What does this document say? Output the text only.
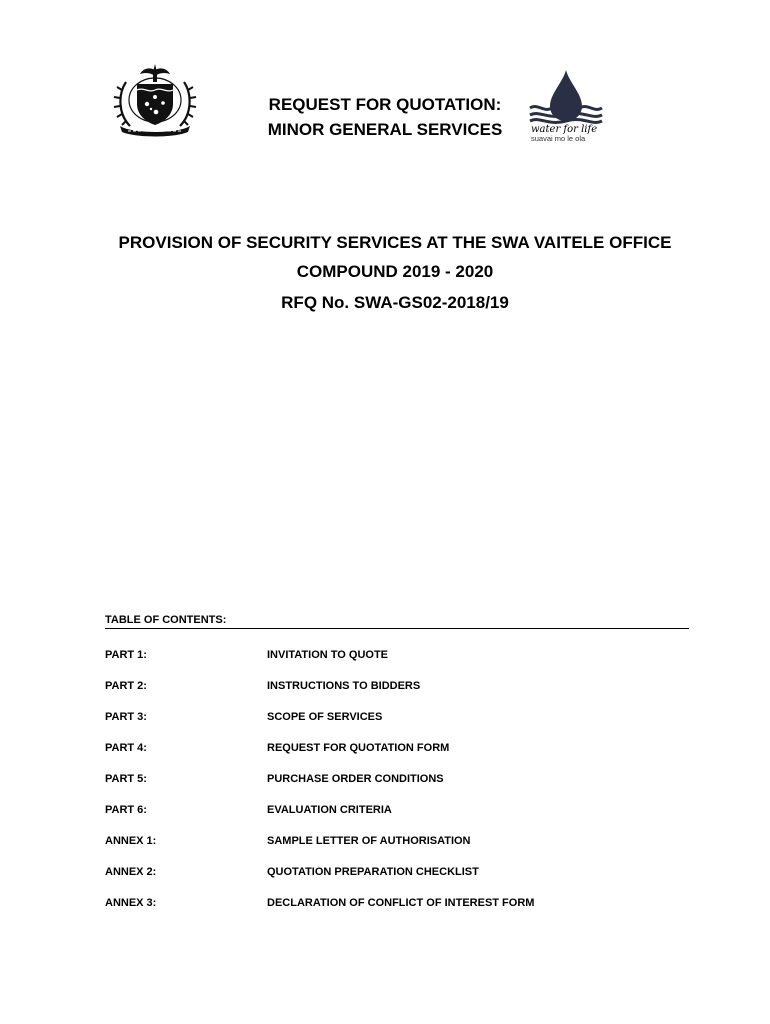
water for life
suavai mo le ola
REQUEST FOR QUOTATION:
MINOR GENERAL SERVICES
PROVISION OF SECURITY SERVICES AT THE SWA VAITELE OFFICE
COMPOUND 2019 - 2020
RFQ No. SWA-GS02-2018/19
TABLE OF CONTENTS:
PART 1:	INVITATION TO QUOTE
PART 2:	INSTRUCTIONS TO BIDDERS
PART 3:	SCOPE OF SERVICES
PART 4:	REQUEST FOR QUOTATION FORM
PART 5:	PURCHASE ORDER CONDITIONS
PART 6:	EVALUATION CRITERIA
ANNEX 1:	SAMPLE LETTER OF AUTHORISATION
ANNEX 2:	QUOTATION PREPARATION CHECKLIST
ANNEX 3:	DECLARATION OF CONFLICT OF INTEREST FORM
